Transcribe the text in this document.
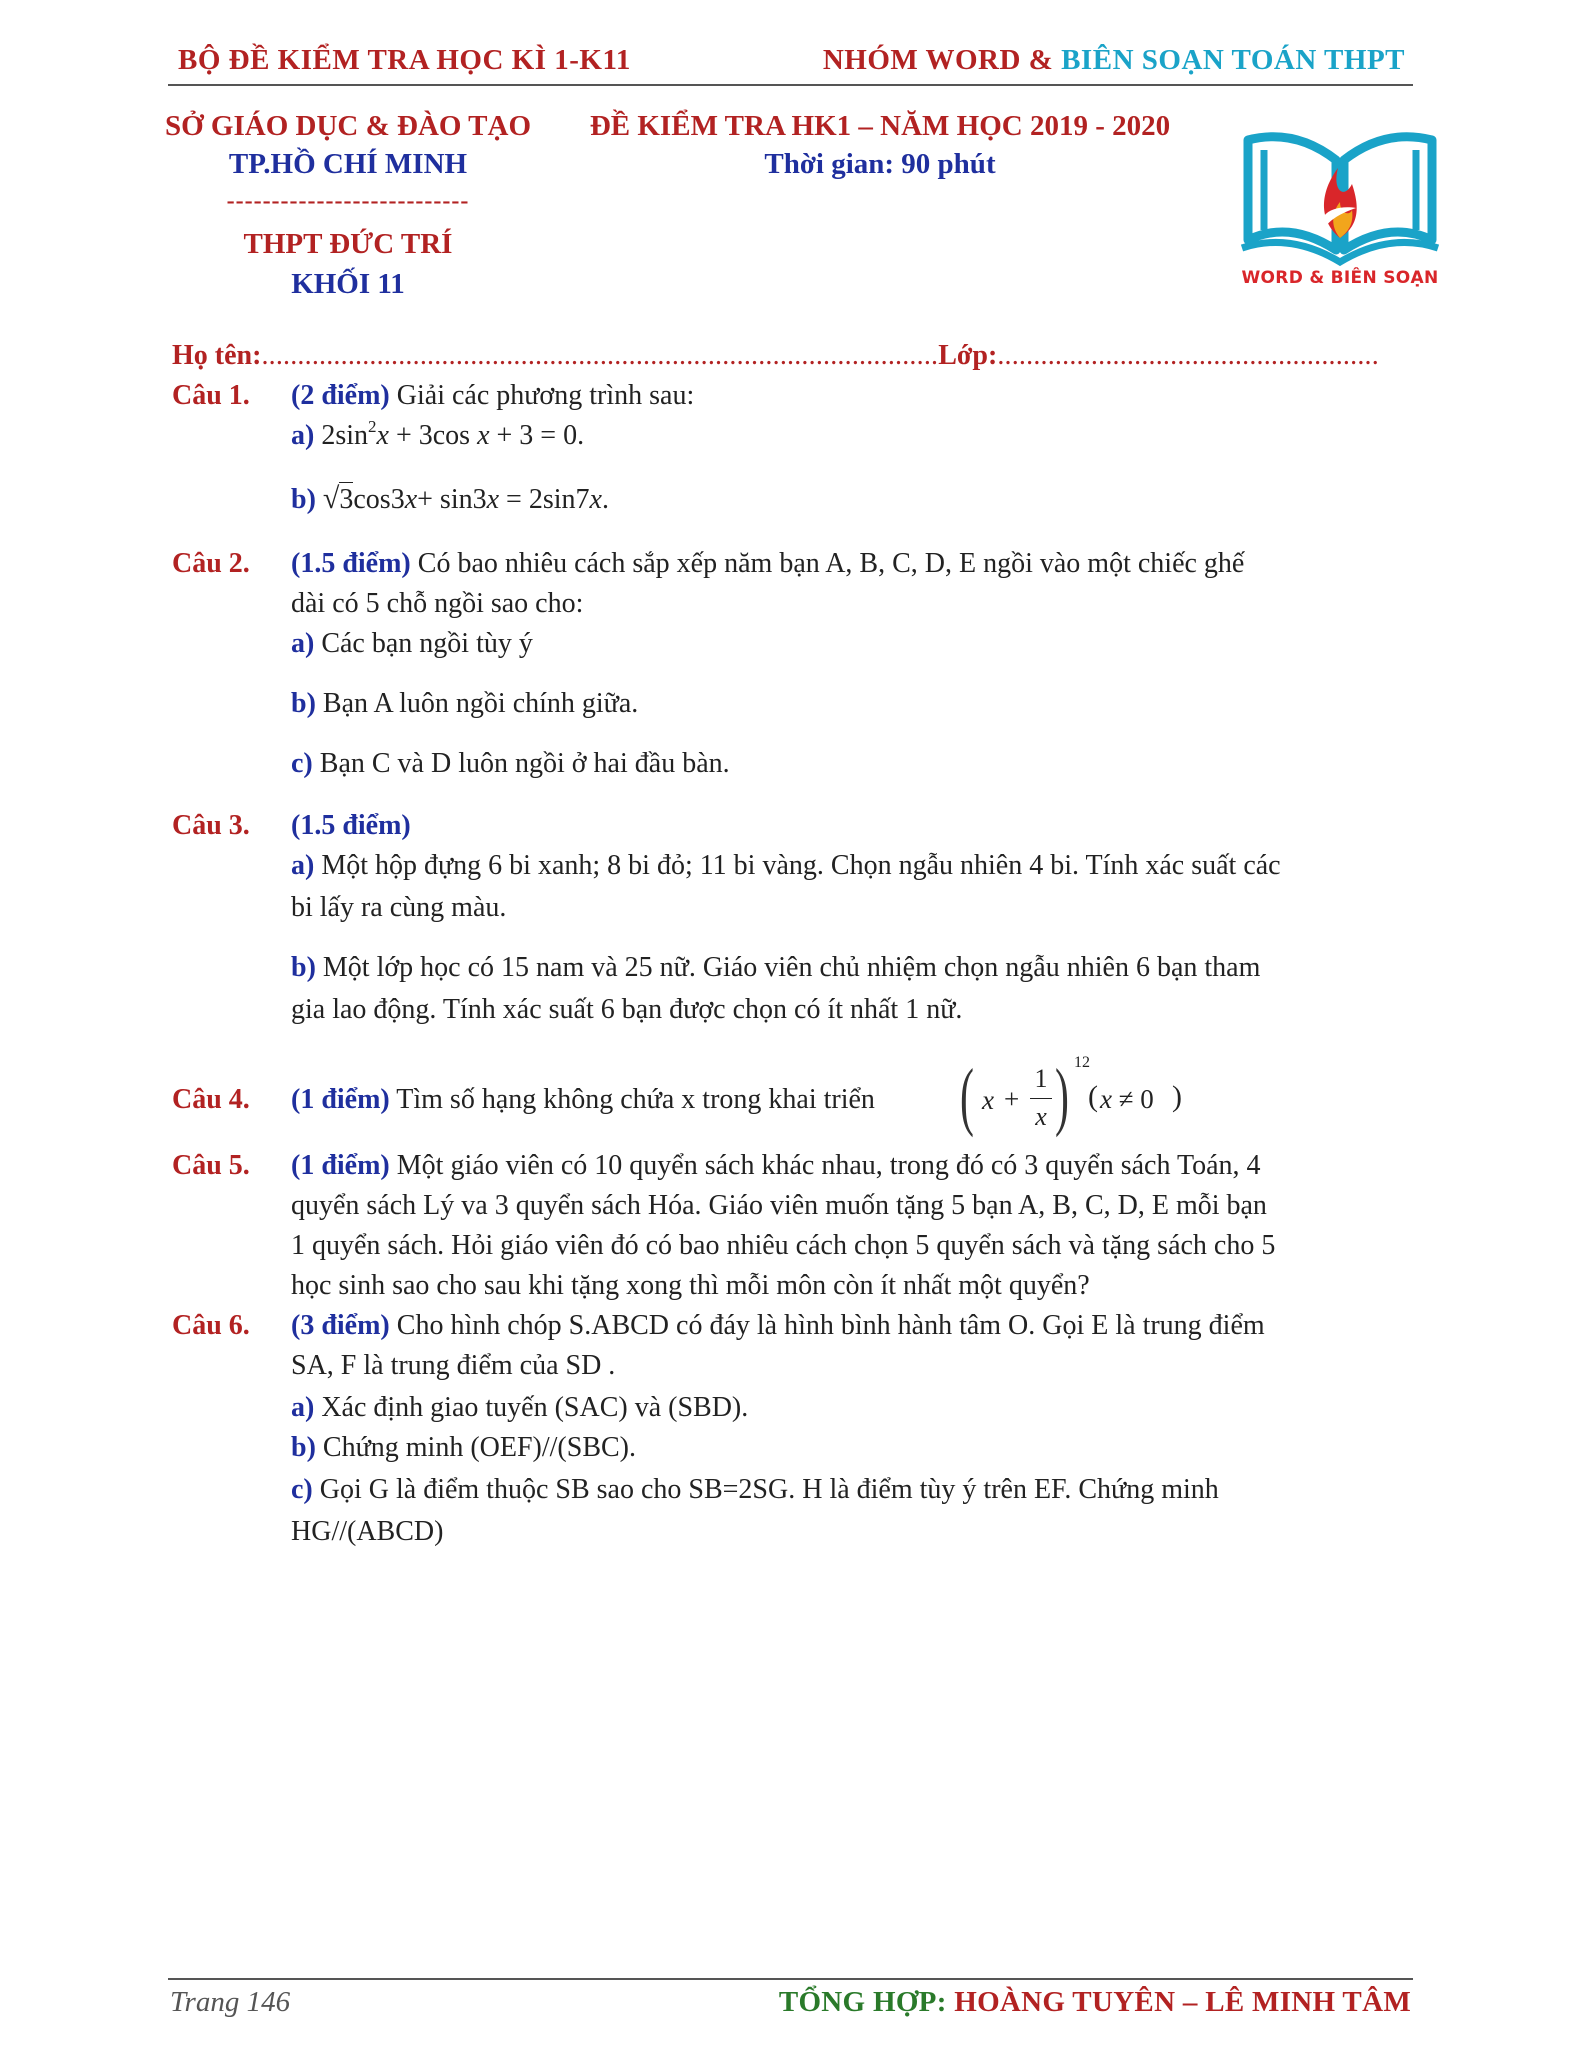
BỘ ĐỀ KIỂM TRA HỌC KÌ 1-K11	NHÓM WORD & BIÊN SOẠN TOÁN THPT
SỞ GIÁO DỤC & ĐÀO TẠO
TP.HỒ CHÍ MINH
---------------------------
THPT ĐỨC TRÍ
KHỐI 11
ĐỀ KIỂM TRA HK1 – NĂM HỌC 2019 - 2020
Thời gian: 90 phút
WORD & BIÊN SOẠN
Họ tên:..............................................................................................Lớp:.....................................................
Câu 1. (2 điểm) Giải các phương trình sau:
a) $2\sin^2x + 3\cos$ x + 3 = 0.
b) √3cos3x+ sin3x = 2sin7x.
Câu 2. (1.5 điểm) Có bao nhiêu cách sắp xếp năm bạn A, B, C, D, E ngồi vào một chiếc ghế
dài có 5 chỗ ngồi sao cho:
a) Các bạn ngồi tùy ý
b) Bạn A luôn ngồi chính giữa.
c) Bạn C và D luôn ngồi ở hai đầu bàn.
Câu 3. (1.5 điểm)
a) Một hộp đựng 6 bi xanh; 8 bi đỏ; 11 bi vàng. Chọn ngẫu nhiên 4 bi. Tính xác suất các
bi lấy ra cùng màu.
b) Một lớp học có 15 nam và 25 nữ. Giáo viên chủ nhiệm chọn ngẫu nhiên 6 bạn tham
gia lao động. Tính xác suất 6 bạn được chọn có ít nhất 1 nữ.
Câu 4. (1 điểm) Tìm số hạng không chứa x trong khai triển ( x +
1
x ) 12
( x ≠ 0 )
Câu 5. (1 điểm) Một giáo viên có 10 quyển sách khác nhau, trong đó có 3 quyển sách Toán, 4
quyển sách Lý va 3 quyển sách Hóa. Giáo viên muốn tặng 5 bạn A, B, C, D, E mỗi bạn
1 quyển sách. Hỏi giáo viên đó có bao nhiêu cách chọn 5 quyển sách và tặng sách cho 5
học sinh sao cho sau khi tặng xong thì mỗi môn còn ít nhất một quyển?
Câu 6. (3 điểm) Cho hình chóp S.ABCD có đáy là hình bình hành tâm O. Gọi E là trung điểm
SA, F là trung điểm của SD .
a) Xác định giao tuyến (SAC) và (SBD).
b) Chứng minh (OEF)//(SBC).
c) Gọi G là điểm thuộc SB sao cho SB=2SG. H là điểm tùy ý trên EF. Chứng minh
HG//(ABCD)
Trang 146	TỔNG HỢP: HOÀNG TUYÊN – LÊ MINH TÂM
